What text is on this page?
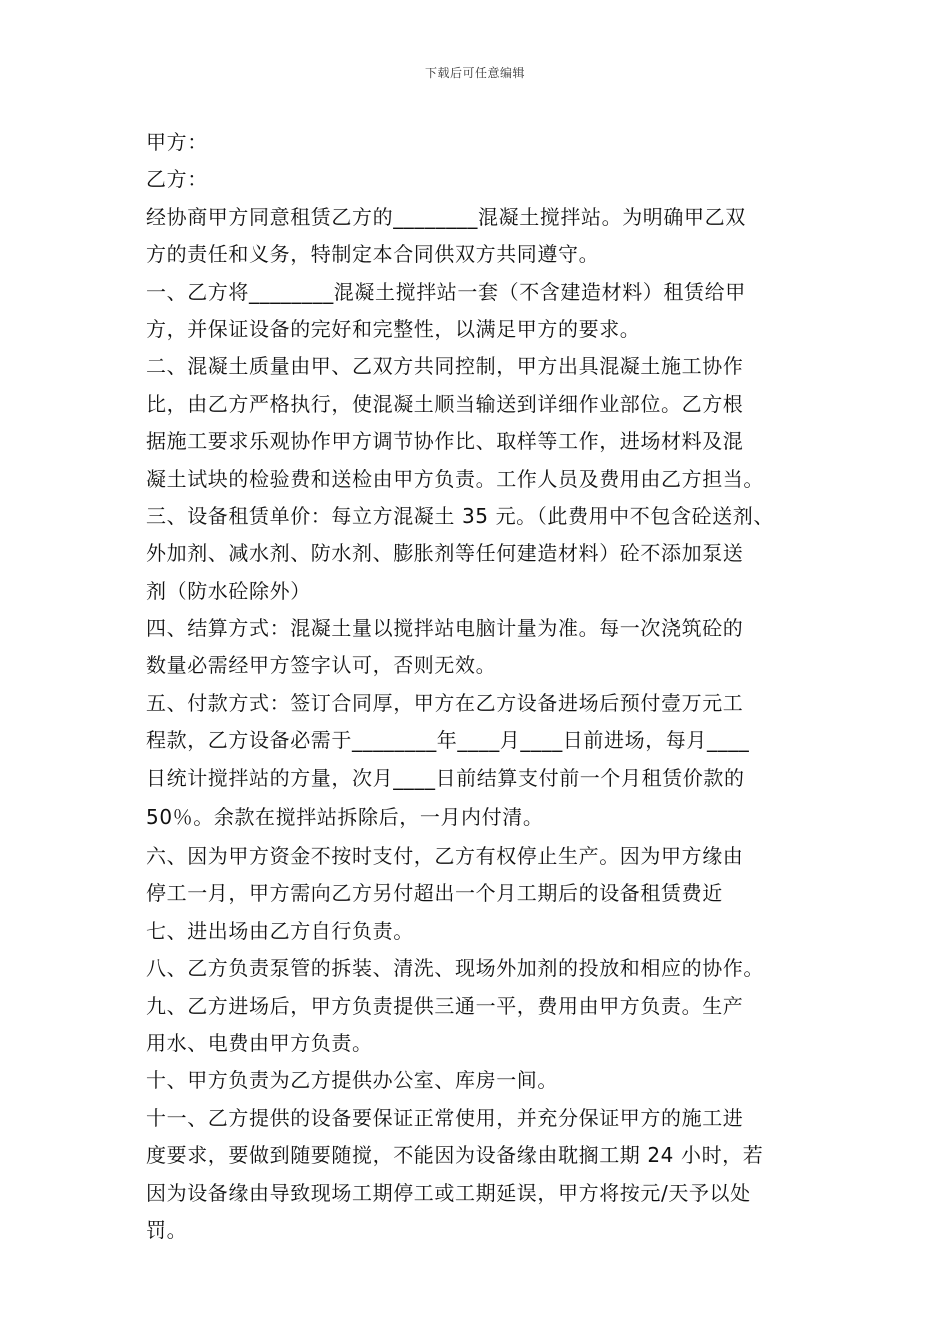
下载后可任意编辑
甲方：
乙方：
经协商甲方同意租赁乙方的________混凝土搅拌站。为明确甲乙双
方的责任和义务，特制定本合同供双方共同遵守。
一、乙方将________混凝土搅拌站一套（不含建造材料）租赁给甲
方，并保证设备的完好和完整性，以满足甲方的要求。
二、混凝土质量由甲、乙双方共同控制，甲方出具混凝土施工协作
比，由乙方严格执行，使混凝土顺当输送到详细作业部位。乙方根
据施工要求乐观协作甲方调节协作比、取样等工作，进场材料及混
凝土试块的检验费和送检由甲方负责。工作人员及费用由乙方担当。
三、设备租赁单价：每立方混凝土 35 元。（此费用中不包含砼送剂、
外加剂、减水剂、防水剂、膨胀剂等任何建造材料）砼不添加泵送
剂（防水砼除外）
四、结算方式：混凝土量以搅拌站电脑计量为准。每一次浇筑砼的
数量必需经甲方签字认可，否则无效。
五、付款方式：签订合同厚，甲方在乙方设备进场后预付壹万元工
程款，乙方设备必需于________年____月____日前进场，每月____
日统计搅拌站的方量，次月____日前结算支付前一个月租赁价款的
50％。余款在搅拌站拆除后，一月内付清。
六、因为甲方资金不按时支付，乙方有权停止生产。因为甲方缘由
停工一月，甲方需向乙方另付超出一个月工期后的设备租赁费近
七、进出场由乙方自行负责。
八、乙方负责泵管的拆装、清洗、现场外加剂的投放和相应的协作。
九、乙方进场后，甲方负责提供三通一平，费用由甲方负责。生产
用水、电费由甲方负责。
十、甲方负责为乙方提供办公室、库房一间。
十一、乙方提供的设备要保证正常使用，并充分保证甲方的施工进
度要求，要做到随要随搅，不能因为设备缘由耽搁工期 24 小时，若
因为设备缘由导致现场工期停工或工期延误，甲方将按元/天予以处
罚。
